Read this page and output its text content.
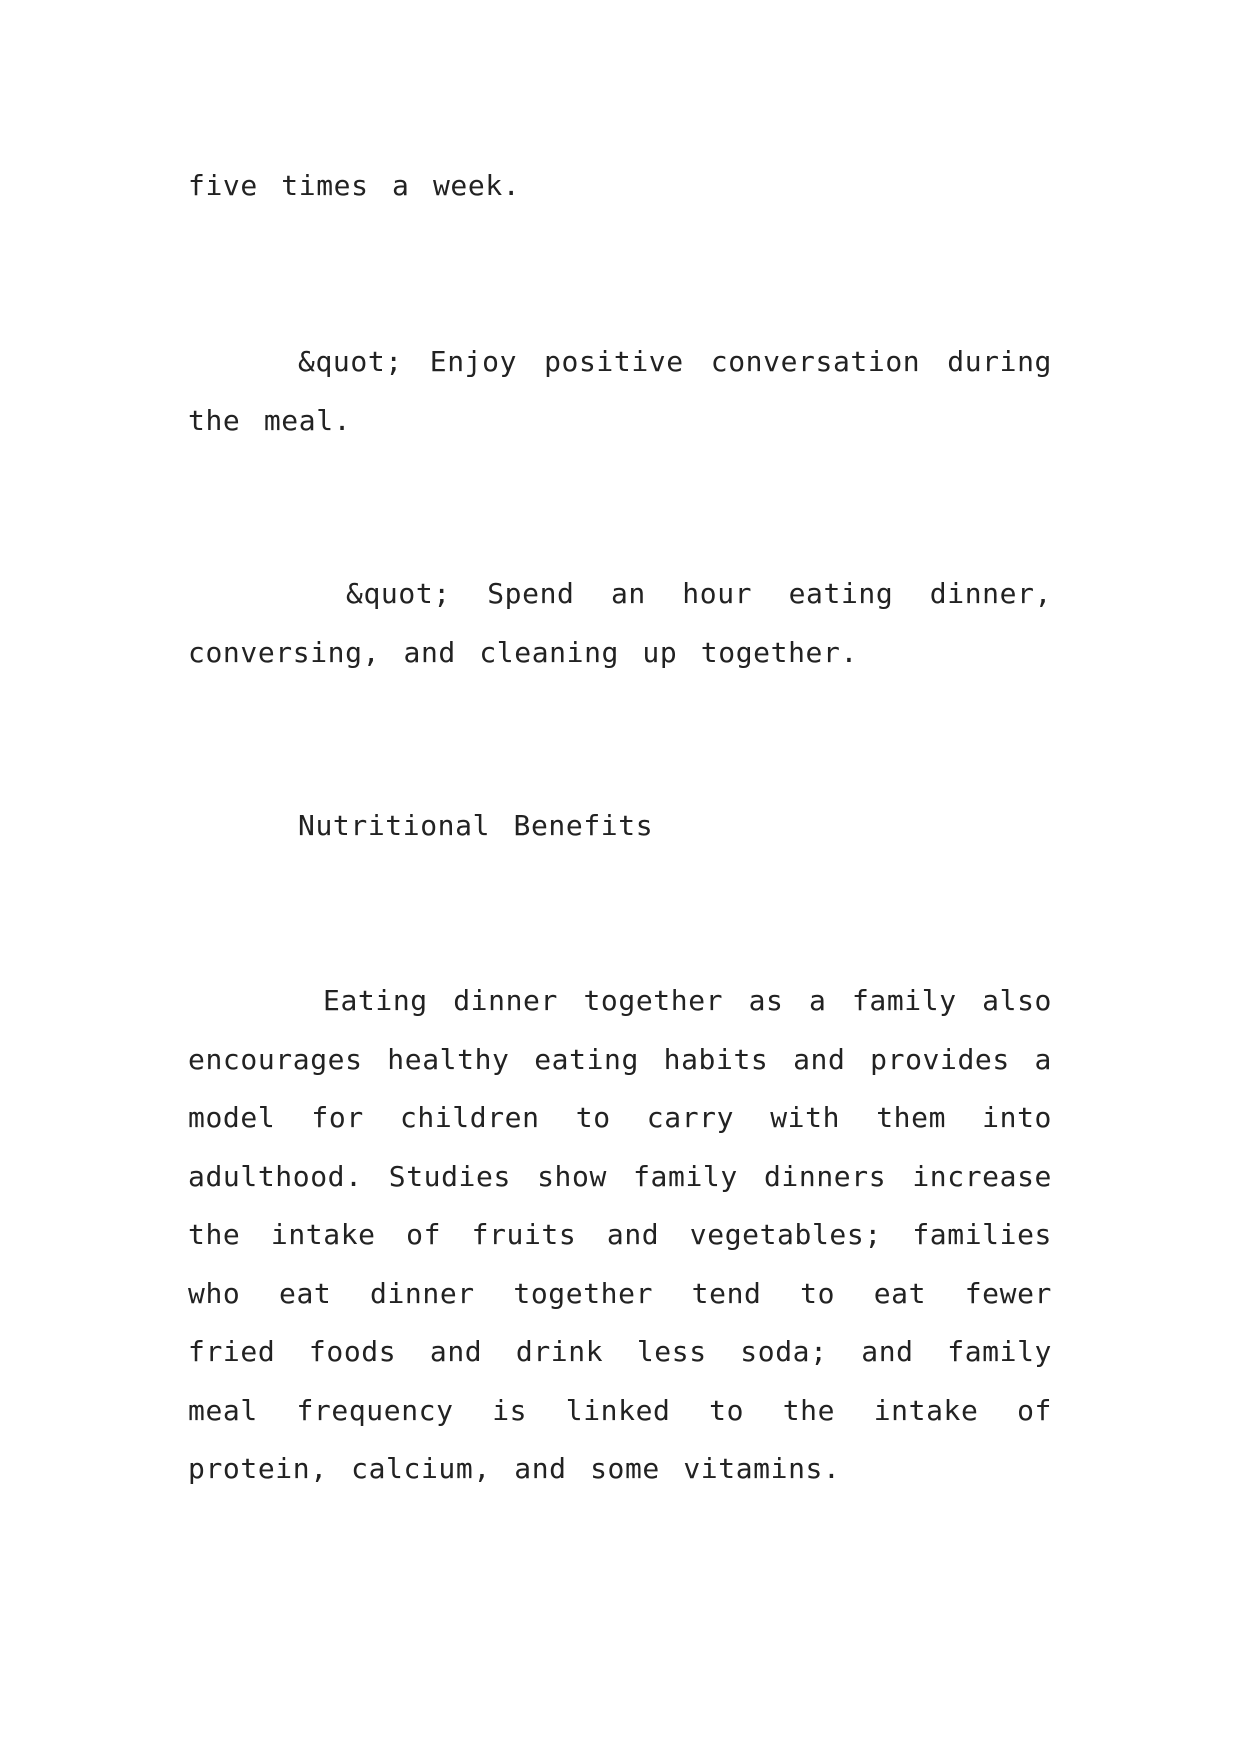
five times a week.

&quot; Enjoy positive conversation during the meal.

&quot; Spend an hour eating dinner, conversing, and cleaning up together.

Nutritional Benefits

Eating dinner together as a family also encourages healthy eating habits and provides a model for children to carry with them into adulthood. Studies show family dinners increase the intake of fruits and vegetables; families who eat dinner together tend to eat fewer fried foods and drink less soda; and family meal frequency is linked to the intake of protein, calcium, and some vitamins.
